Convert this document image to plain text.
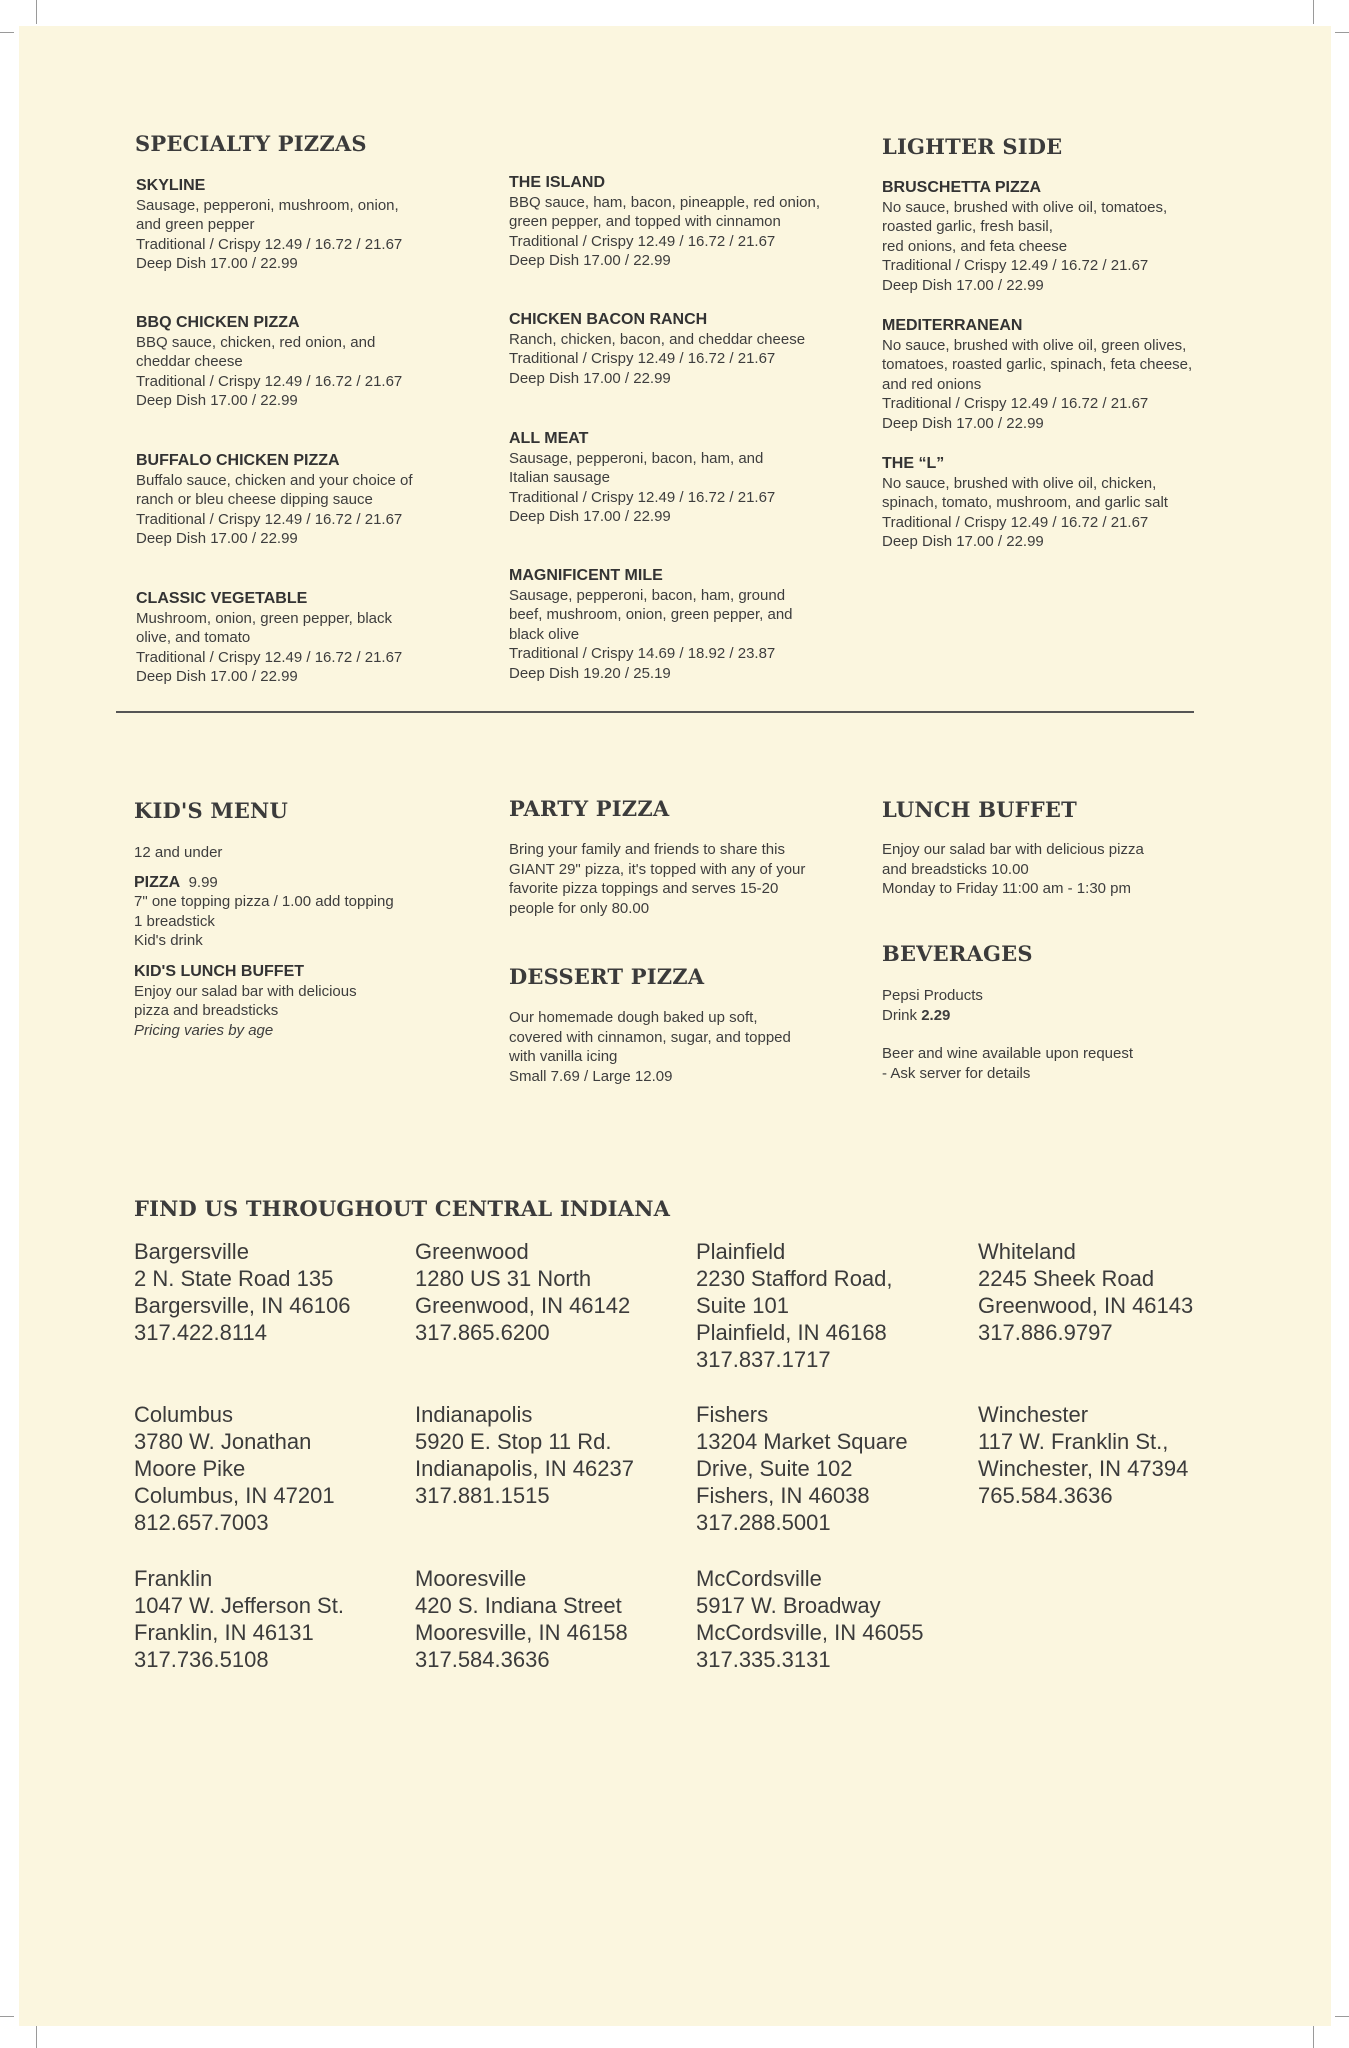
SPECIALTY PIZZAS
SKYLINE
Sausage, pepperoni, mushroom, onion,
and green pepper
Traditional / Crispy 12.49 / 16.72 / 21.67
Deep Dish 17.00 / 22.99
BBQ CHICKEN PIZZA
BBQ sauce, chicken, red onion, and
cheddar cheese
Traditional / Crispy 12.49 / 16.72 / 21.67
Deep Dish 17.00 / 22.99
BUFFALO CHICKEN PIZZA
Buffalo sauce, chicken and your choice of
ranch or bleu cheese dipping sauce
Traditional / Crispy 12.49 / 16.72 / 21.67
Deep Dish 17.00 / 22.99
CLASSIC VEGETABLE
Mushroom, onion, green pepper, black
olive, and tomato
Traditional / Crispy 12.49 / 16.72 / 21.67
Deep Dish 17.00 / 22.99
THE ISLAND
BBQ sauce, ham, bacon, pineapple, red onion,
green pepper, and topped with cinnamon
Traditional / Crispy 12.49 / 16.72 / 21.67
Deep Dish 17.00 / 22.99
CHICKEN BACON RANCH
Ranch, chicken, bacon, and cheddar cheese
Traditional / Crispy 12.49 / 16.72 / 21.67
Deep Dish 17.00 / 22.99
ALL MEAT
Sausage, pepperoni, bacon, ham, and
Italian sausage
Traditional / Crispy 12.49 / 16.72 / 21.67
Deep Dish 17.00 / 22.99
MAGNIFICENT MILE
Sausage, pepperoni, bacon, ham, ground
beef, mushroom, onion, green pepper, and
black olive
Traditional / Crispy 14.69 / 18.92 / 23.87
Deep Dish 19.20 / 25.19
LIGHTER SIDE
BRUSCHETTA PIZZA
No sauce, brushed with olive oil, tomatoes,
roasted garlic, fresh basil,
red onions, and feta cheese
Traditional / Crispy 12.49 / 16.72 / 21.67
Deep Dish 17.00 / 22.99
MEDITERRANEAN
No sauce, brushed with olive oil, green olives,
tomatoes, roasted garlic, spinach, feta cheese,
and red onions
Traditional / Crispy 12.49 / 16.72 / 21.67
Deep Dish 17.00 / 22.99
THE “L”
No sauce, brushed with olive oil, chicken,
spinach, tomato, mushroom, and garlic salt
Traditional / Crispy 12.49 / 16.72 / 21.67
Deep Dish 17.00 / 22.99
KID'S MENU
12 and under
PIZZA 9.99
7" one topping pizza / 1.00 add topping
1 breadstick
Kid's drink
KID'S LUNCH BUFFET
Enjoy our salad bar with delicious
pizza and breadsticks
Pricing varies by age
PARTY PIZZA
Bring your family and friends to share this
GIANT 29" pizza, it's topped with any of your
favorite pizza toppings and serves 15-20
people for only 80.00
DESSERT PIZZA
Our homemade dough baked up soft,
covered with cinnamon, sugar, and topped
with vanilla icing
Small 7.69 / Large 12.09
LUNCH BUFFET
Enjoy our salad bar with delicious pizza
and breadsticks 10.00
Monday to Friday 11:00 am - 1:30 pm
BEVERAGES
Pepsi Products
Drink 2.29
Beer and wine available upon request
- Ask server for details
FIND US THROUGHOUT CENTRAL INDIANA
Bargersville
2 N. State Road 135
Bargersville, IN 46106
317.422.8114
Greenwood
1280 US 31 North
Greenwood, IN 46142
317.865.6200
Plainfield
2230 Stafford Road,
Suite 101
Plainfield, IN 46168
317.837.1717
Whiteland
2245 Sheek Road
Greenwood, IN 46143
317.886.9797
Columbus
3780 W. Jonathan
Moore Pike
Columbus, IN 47201
812.657.7003
Indianapolis
5920 E. Stop 11 Rd.
Indianapolis, IN 46237
317.881.1515
Fishers
13204 Market Square
Drive, Suite 102
Fishers, IN 46038
317.288.5001
Winchester
117 W. Franklin St.,
Winchester, IN 47394
765.584.3636
Franklin
1047 W. Jefferson St.
Franklin, IN 46131
317.736.5108
Mooresville
420 S. Indiana Street
Mooresville, IN 46158
317.584.3636
McCordsville
5917 W. Broadway
McCordsville, IN 46055
317.335.3131
